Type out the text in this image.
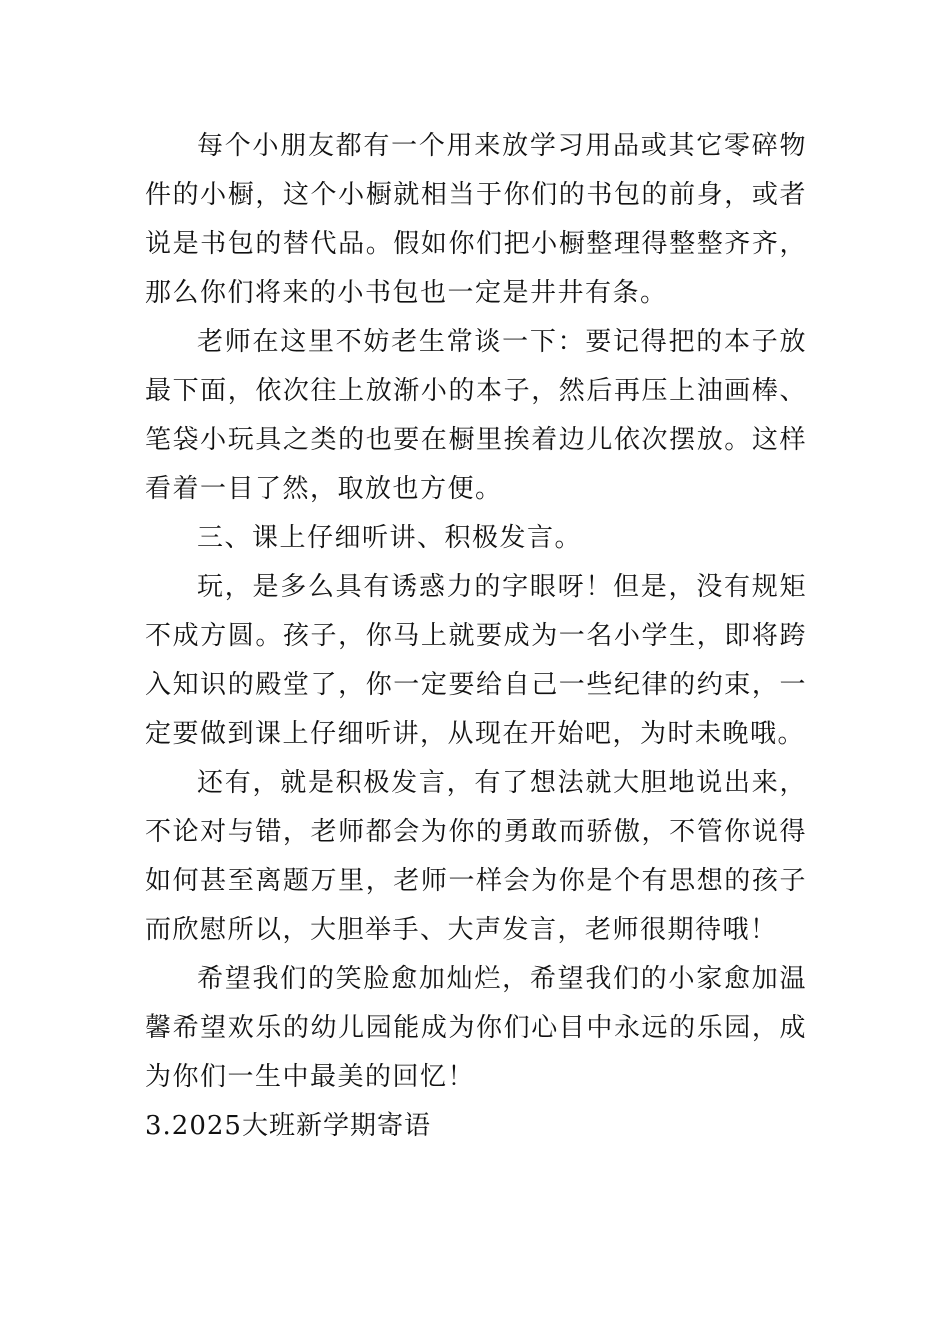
每个小朋友都有一个用来放学习用品或其它零碎物件的小橱，这个小橱就相当于你们的书包的前身，或者说是书包的替代品。假如你们把小橱整理得整整齐齐，那么你们将来的小书包也一定是井井有条。

老师在这里不妨老生常谈一下：要记得把的本子放最下面，依次往上放渐小的本子，然后再压上油画棒、笔袋小玩具之类的也要在橱里挨着边儿依次摆放。这样看着一目了然，取放也方便。

三、课上仔细听讲、积极发言。

玩，是多么具有诱惑力的字眼呀！但是，没有规矩不成方圆。孩子，你马上就要成为一名小学生，即将跨入知识的殿堂了，你一定要给自己一些纪律的约束，一定要做到课上仔细听讲，从现在开始吧，为时未晚哦。

还有，就是积极发言，有了想法就大胆地说出来，不论对与错，老师都会为你的勇敢而骄傲，不管你说得如何甚至离题万里，老师一样会为你是个有思想的孩子而欣慰所以，大胆举手、大声发言，老师很期待哦！

希望我们的笑脸愈加灿烂，希望我们的小家愈加温馨希望欢乐的幼儿园能成为你们心目中永远的乐园，成为你们一生中最美的回忆！

3.2025大班新学期寄语
